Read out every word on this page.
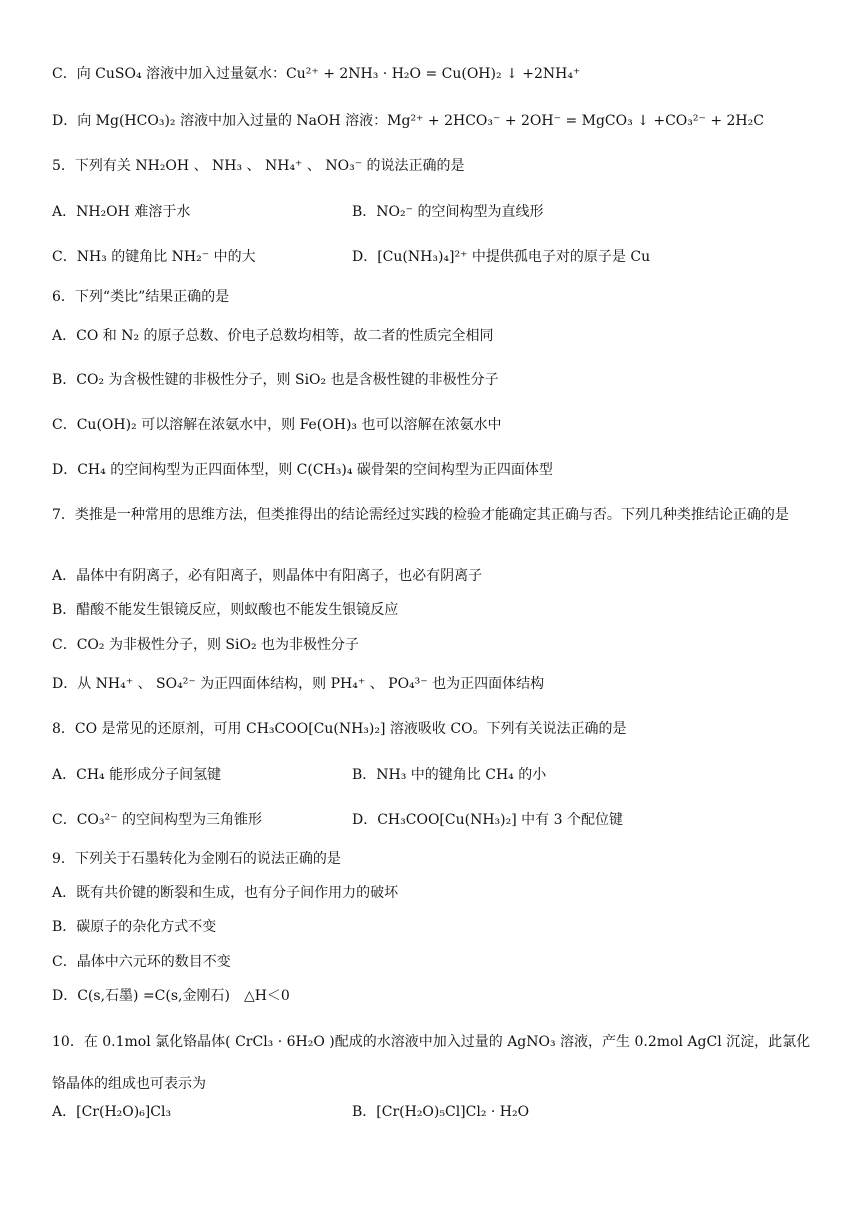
C．向 CuSO₄ 溶液中加入过量氨水：Cu²⁺ + 2NH₃ · H₂O = Cu(OH)₂ ↓ +2NH₄⁺
D．向 Mg(HCO₃)₂ 溶液中加入过量的 NaOH 溶液：Mg²⁺ + 2HCO₃⁻ + 2OH⁻ = MgCO₃ ↓ +CO₃²⁻ + 2H₂C
5．下列有关 NH₂OH 、 NH₃ 、 NH₄⁺ 、 NO₃⁻ 的说法正确的是
A．NH₂OH 难溶于水	B．NO₂⁻ 的空间构型为直线形
C．NH₃ 的键角比 NH₂⁻ 中的大	D．[Cu(NH₃)₄]²⁺ 中提供孤电子对的原子是 Cu
6．下列“类比”结果正确的是
A．CO 和 N₂ 的原子总数、价电子总数均相等，故二者的性质完全相同
B．CO₂ 为含极性键的非极性分子，则 SiO₂ 也是含极性键的非极性分子
C．Cu(OH)₂ 可以溶解在浓氨水中，则 Fe(OH)₃ 也可以溶解在浓氨水中
D．CH₄ 的空间构型为正四面体型，则 C(CH₃)₄ 碳骨架的空间构型为正四面体型
7．类推是一种常用的思维方法，但类推得出的结论需经过实践的检验才能确定其正确与否。下列几种类推结论正确的是
A．晶体中有阴离子，必有阳离子，则晶体中有阳离子，也必有阴离子
B．醋酸不能发生银镜反应，则蚁酸也不能发生银镜反应
C．CO₂ 为非极性分子，则 SiO₂ 也为非极性分子
D．从 NH₄⁺ 、 SO₄²⁻ 为正四面体结构，则 PH₄⁺ 、 PO₄³⁻ 也为正四面体结构
8．CO 是常见的还原剂，可用 CH₃COO[Cu(NH₃)₂] 溶液吸收 CO。下列有关说法正确的是
A．CH₄ 能形成分子间氢键	B．NH₃ 中的键角比 CH₄ 的小
C．CO₃²⁻ 的空间构型为三角锥形	D．CH₃COO[Cu(NH₃)₂] 中有 3 个配位键
9．下列关于石墨转化为金刚石的说法正确的是
A．既有共价键的断裂和生成，也有分子间作用力的破坏
B．碳原子的杂化方式不变
C．晶体中六元环的数目不变
D．C(s,石墨) =C(s,金刚石)　△H＜0
10．在 0.1mol 氯化铬晶体( CrCl₃ · 6H₂O )配成的水溶液中加入过量的 AgNO₃ 溶液，产生 0.2mol AgCl 沉淀，此氯化铬晶体的组成也可表示为
A．[Cr(H₂O)₆]Cl₃	B．[Cr(H₂O)₅Cl]Cl₂ · H₂O
